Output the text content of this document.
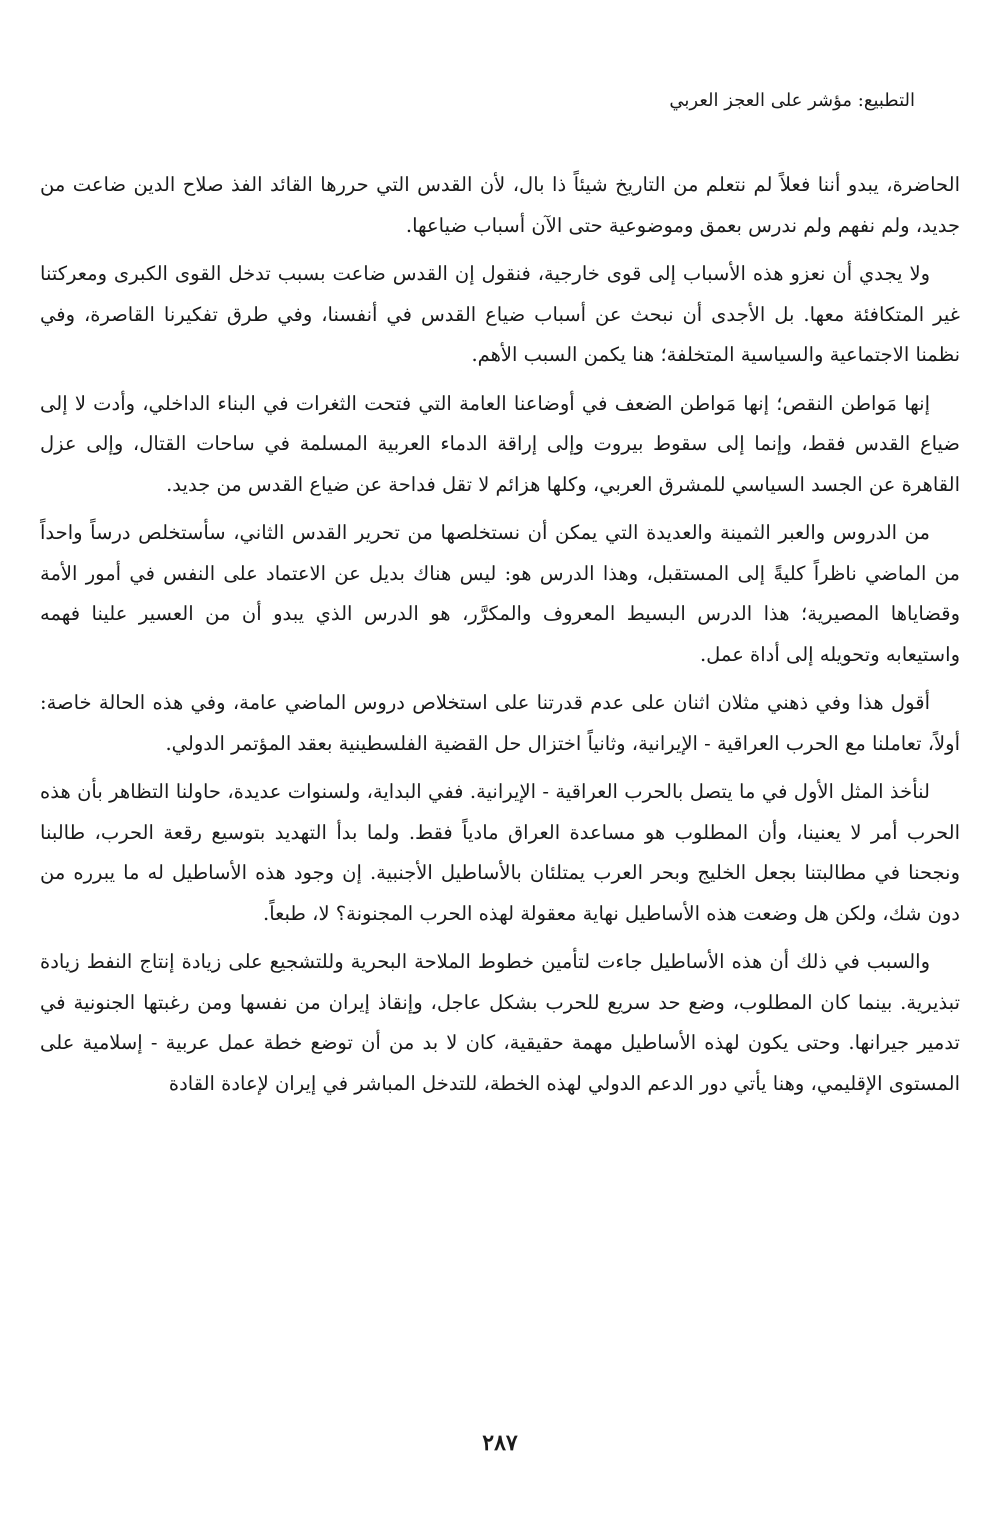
التطبيع: مؤشر على العجز العربي

الحاضرة، يبدو أننا فعلاً لم نتعلم من التاريخ شيئاً ذا بال، لأن القدس التي حررها القائد الفذ صلاح الدين ضاعت من جديد، ولم نفهم ولم ندرس بعمق وموضوعية حتى الآن أسباب ضياعها.

ولا يجدي أن نعزو هذه الأسباب إلى قوى خارجية، فنقول إن القدس ضاعت بسبب تدخل القوى الكبرى ومعركتنا غير المتكافئة معها. بل الأجدى أن نبحث عن أسباب ضياع القدس في أنفسنا، وفي طرق تفكيرنا القاصرة، وفي نظمنا الاجتماعية والسياسية المتخلفة؛ هنا يكمن السبب الأهم.

إنها مَواطن النقص؛ إنها مَواطن الضعف في أوضاعنا العامة التي فتحت الثغرات في البناء الداخلي، وأدت لا إلى ضياع القدس فقط، وإنما إلى سقوط بيروت وإلى إراقة الدماء العربية المسلمة في ساحات القتال، وإلى عزل القاهرة عن الجسد السياسي للمشرق العربي، وكلها هزائم لا تقل فداحة عن ضياع القدس من جديد.

من الدروس والعبر الثمينة والعديدة التي يمكن أن نستخلصها من تحرير القدس الثاني، سأستخلص درساً واحداً من الماضي ناظراً كليةً إلى المستقبل، وهذا الدرس هو: ليس هناك بديل عن الاعتماد على النفس في أمور الأمة وقضاياها المصيرية؛ هذا الدرس البسيط المعروف والمكرَّر، هو الدرس الذي يبدو أن من العسير علينا فهمه واستيعابه وتحويله إلى أداة عمل.

أقول هذا وفي ذهني مثلان اثنان على عدم قدرتنا على استخلاص دروس الماضي عامة، وفي هذه الحالة خاصة: أولاً، تعاملنا مع الحرب العراقية - الإيرانية، وثانياً اختزال حل القضية الفلسطينية بعقد المؤتمر الدولي.

لنأخذ المثل الأول في ما يتصل بالحرب العراقية - الإيرانية. ففي البداية، ولسنوات عديدة، حاولنا التظاهر بأن هذه الحرب أمر لا يعنينا، وأن المطلوب هو مساعدة العراق مادياً فقط. ولما بدأ التهديد بتوسيع رقعة الحرب، طالبنا ونجحنا في مطالبتنا بجعل الخليج وبحر العرب يمتلئان بالأساطيل الأجنبية. إن وجود هذه الأساطيل له ما يبرره من دون شك، ولكن هل وضعت هذه الأساطيل نهاية معقولة لهذه الحرب المجنونة؟ لا، طبعاً.

والسبب في ذلك أن هذه الأساطيل جاءت لتأمين خطوط الملاحة البحرية وللتشجيع على زيادة إنتاج النفط زيادة تبذيرية. بينما كان المطلوب، وضع حد سريع للحرب بشكل عاجل، وإنقاذ إيران من نفسها ومن رغبتها الجنونية في تدمير جيرانها. وحتى يكون لهذه الأساطيل مهمة حقيقية، كان لا بد من أن توضع خطة عمل عربية - إسلامية على المستوى الإقليمي، وهنا يأتي دور الدعم الدولي لهذه الخطة، للتدخل المباشر في إيران لإعادة القادة

٢٨٧
